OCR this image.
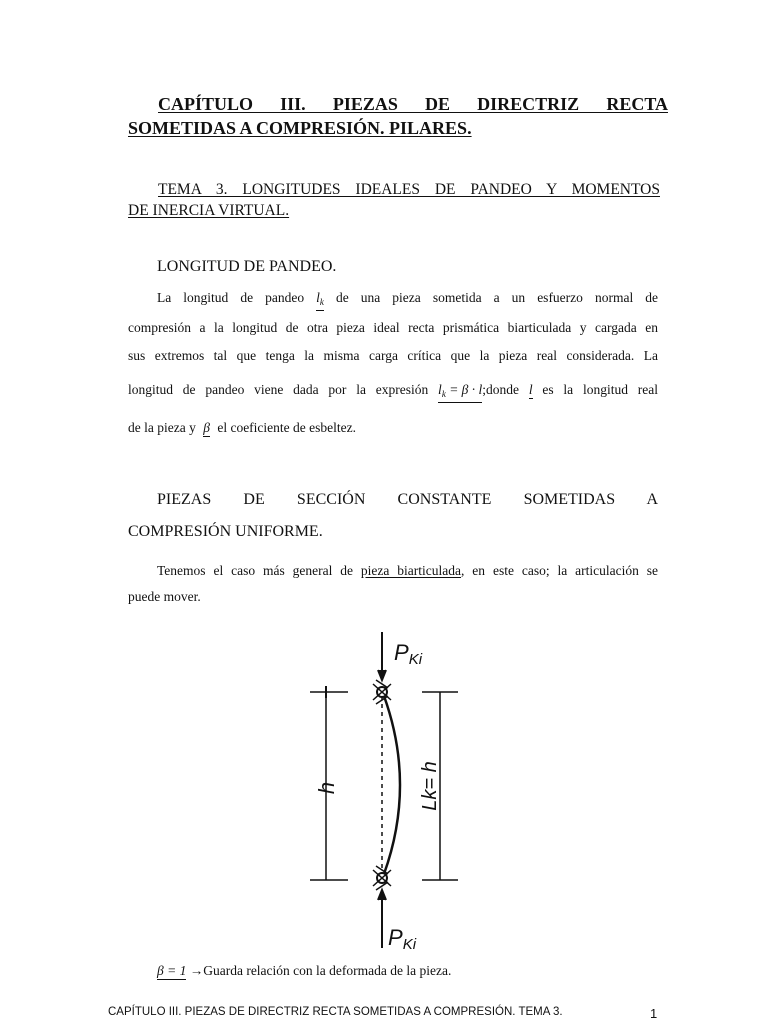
CAPÍTULO III. PIEZAS DE DIRECTRIZ RECTA
SOMETIDAS A COMPRESIÓN. PILARES.
TEMA 3. LONGITUDES IDEALES DE PANDEO Y MOMENTOS
DE INERCIA VIRTUAL.
LONGITUD DE PANDEO.
La longitud de pandeo $l_k$ de una pieza sometida a un esfuerzo normal de
compresión a la longitud de otra pieza ideal recta prismática biarticulada y cargada en
sus extremos tal que tenga la misma carga crítica que la pieza real considerada. La
longitud de pandeo viene dada por la expresión $l_k = \beta$ · l;donde l es la longitud real
de la pieza y β el coeficiente de esbeltez.
PIEZAS DE SECCIÓN CONSTANTE SOMETIDAS A
COMPRESIÓN UNIFORME.
Tenemos el caso más general de pieza biarticulada, en este caso; la articulación se
puede mover.
PKi
PKi
h	Lk= h
β = 1 →Guarda relación con la deformada de la pieza.
CAPÍTULO III. PIEZAS DE DIRECTRIZ RECTA SOMETIDAS A COMPRESIÓN. TEMA 3.	1
